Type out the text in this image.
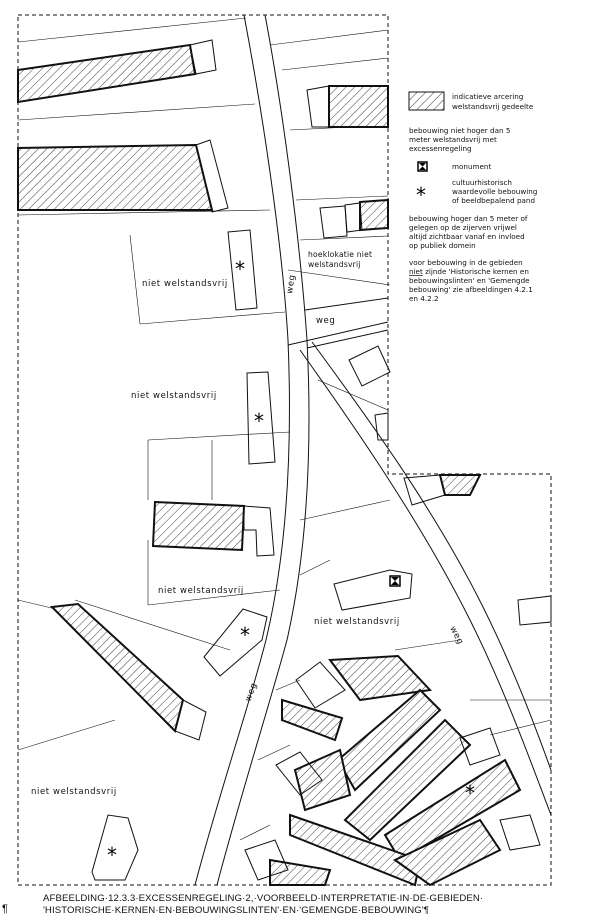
*
*
*
*
*
niet welstandsvrij
niet welstandsvrij
niet welstandsvrij
niet welstandsvrij
niet welstandsvrij
hoeklokatie niet
welstandsvrij
weg
weg
weg
weg
indicatieve arcering
welstandsvrij gedeelte
bebouwing niet hoger dan 5
meter welstandsvrij met
excessenregeling
monument
*
cultuurhistorisch
waardevolle bebouwing
of beeldbepalend pand
bebouwing hoger dan 5 meter of
gelegen op de zijerven vrijwel
altijd zichtbaar vanaf en invloed
op publiek domein
voor bebouwing in de gebieden
niet zijnde 'Historische kernen en
bebouwingslinten' en 'Gemengde
bebouwing' zie afbeeldingen 4.2.1
en 4.2.2
¶
AFBEELDING·12.3.3·EXCESSENREGELING·2,·VOORBEELD·INTERPRETATIE·IN·DE·GEBIEDEN·
'HISTORISCHE·KERNEN·EN·BEBOUWINGSLINTEN'·EN·'GEMENGDE·BEBOUWING'¶
